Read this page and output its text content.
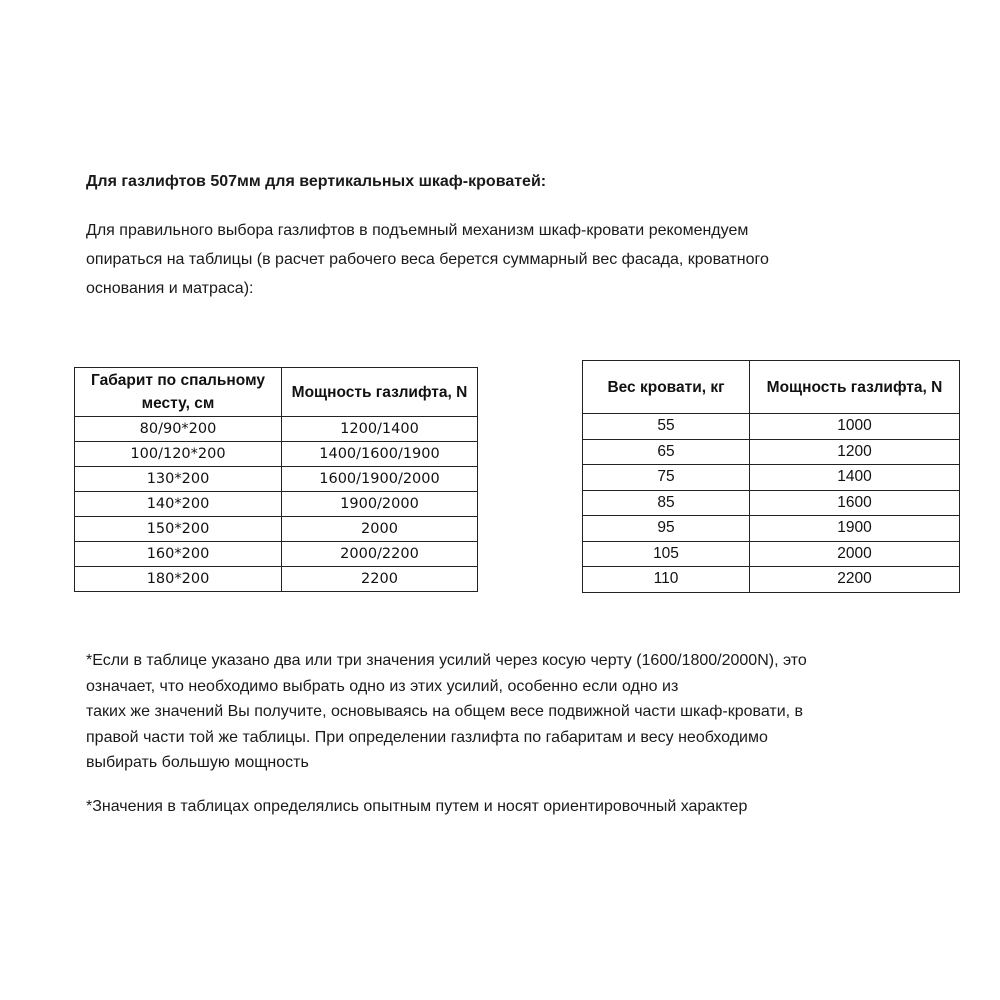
Для газлифтов 507мм для вертикальных шкаф-кроватей:
Для правильного выбора газлифтов в подъемный механизм шкаф-кровати рекомендуем
опираться на таблицы (в расчет рабочего веса берется суммарный вес фасада, кроватного
основания и матраса):
Габарит по спальному месту, см	Мощность газлифта, N
80/90*200	1200/1400
100/120*200	1400/1600/1900
130*200	1600/1900/2000
140*200	1900/2000
150*200	2000
160*200	2000/2200
180*200	2200
Вес кровати, кг	Мощность газлифта, N
55	1000
65	1200
75	1400
85	1600
95	1900
105	2000
110	2200
*Если в таблице указано два или три значения усилий через косую черту (1600/1800/2000N), это
означает, что необходимо выбрать одно из этих усилий, особенно если одно из
таких же значений Вы получите, основываясь на общем весе подвижной части шкаф-кровати, в
правой части той же таблицы. При определении газлифта по габаритам и весу необходимо
выбирать большую мощность
*Значения в таблицах определялись опытным путем и носят ориентировочный характер
